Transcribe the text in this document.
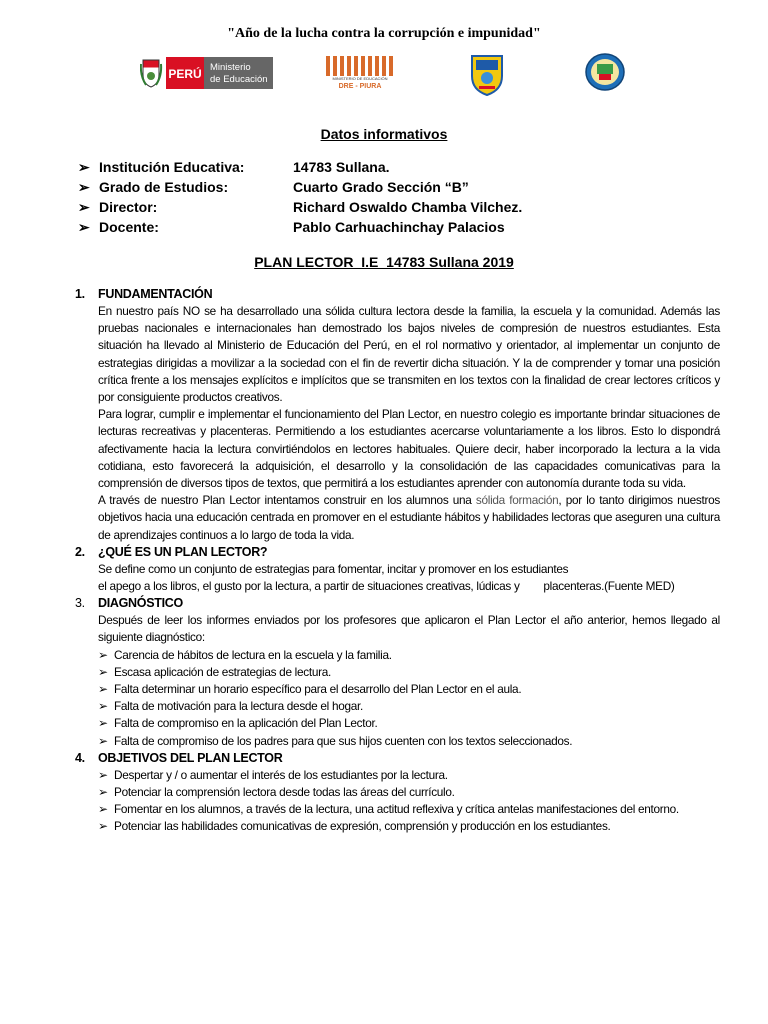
"Año de la lucha contra la corrupción e impunidad"
PERÚ Ministerio
de Educación	MINISTERIO DE EDUCACIÓN
DRE - PIURA
Datos informativos
➢ Institución Educativa:	14783 Sullana.
➢ Grado de Estudios:	Cuarto Grado Sección “B”
➢ Director:	Richard Oswaldo Chamba Vilchez.
➢ Docente:	Pablo Carhuachinchay Palacios
PLAN LECTOR  I.E  14783 Sullana 2019
1. FUNDAMENTACIÓN

En nuestro país NO se ha desarrollado una sólida cultura lectora desde la familia, la escuela y la comunidad. Además las pruebas nacionales e internacionales han demostrado los bajos niveles de compresión de nuestros estudiantes. Esta situación ha llevado al Ministerio de Educación del Perú, en el rol normativo y orientador, al implementar un conjunto de estrategias dirigidas a movilizar a la sociedad con el fin de revertir dicha situación. Y la de comprender y tomar una posición crítica frente a los mensajes explícitos e implícitos que se transmiten en los textos con la finalidad de crear lectores críticos y por consiguiente productos creativos.

Para lograr, cumplir e implementar el funcionamiento del Plan Lector, en nuestro colegio es importante brindar situaciones de lecturas recreativas y placenteras. Permitiendo a los estudiantes acercarse voluntariamente a los libros. Esto lo dispondrá afectivamente hacia la lectura convirtiéndolos en lectores habituales. Quiere decir, haber incorporado la lectura a la vida cotidiana, esto favorecerá la adquisición, el desarrollo y la consolidación de las capacidades comunicativas para la comprensión de diversos tipos de textos, que permitirá a los estudiantes aprender con autonomía durante toda su vida.

A través de nuestro Plan Lector intentamos construir en los alumnos una sólida formación, por lo tanto dirigimos nuestros objetivos hacia una educación centrada en promover en el estudiante hábitos y habilidades lectoras que aseguren una cultura de aprendizajes continuos a lo largo de toda la vida.

2. ¿QUÉ ES UN PLAN LECTOR?

Se define como un conjunto de estrategias para fomentar, incitar y promover en los estudiantes

el apego a los libros, el gusto por la lectura, a partir de situaciones creativas, lúdicas y        placenteras.(Fuente MED)

3. DIAGNÓSTICO

Después de leer los informes enviados por los profesores que aplicaron el Plan Lector el año anterior, hemos llegado al siguiente diagnóstico:

➢ Carencia de hábitos de lectura en la escuela y la familia.
➢ Escasa aplicación de estrategias de lectura.
➢ Falta determinar un horario específico para el desarrollo del Plan Lector en el aula.
➢ Falta de motivación para la lectura desde el hogar.
➢ Falta de compromiso en la aplicación del Plan Lector.
➢ Falta de compromiso de los padres para que sus hijos cuenten con los textos seleccionados.
4. OBJETIVOS DEL PLAN LECTOR
➢ Despertar y / o aumentar el interés de los estudiantes por la lectura.
➢ Potenciar la comprensión lectora desde todas las áreas del currículo.
➢ Fomentar en los alumnos, a través de la lectura, una actitud reflexiva y crítica antelas manifestaciones del entorno.
➢ Potenciar las habilidades comunicativas de expresión, comprensión y producción en los estudiantes.
